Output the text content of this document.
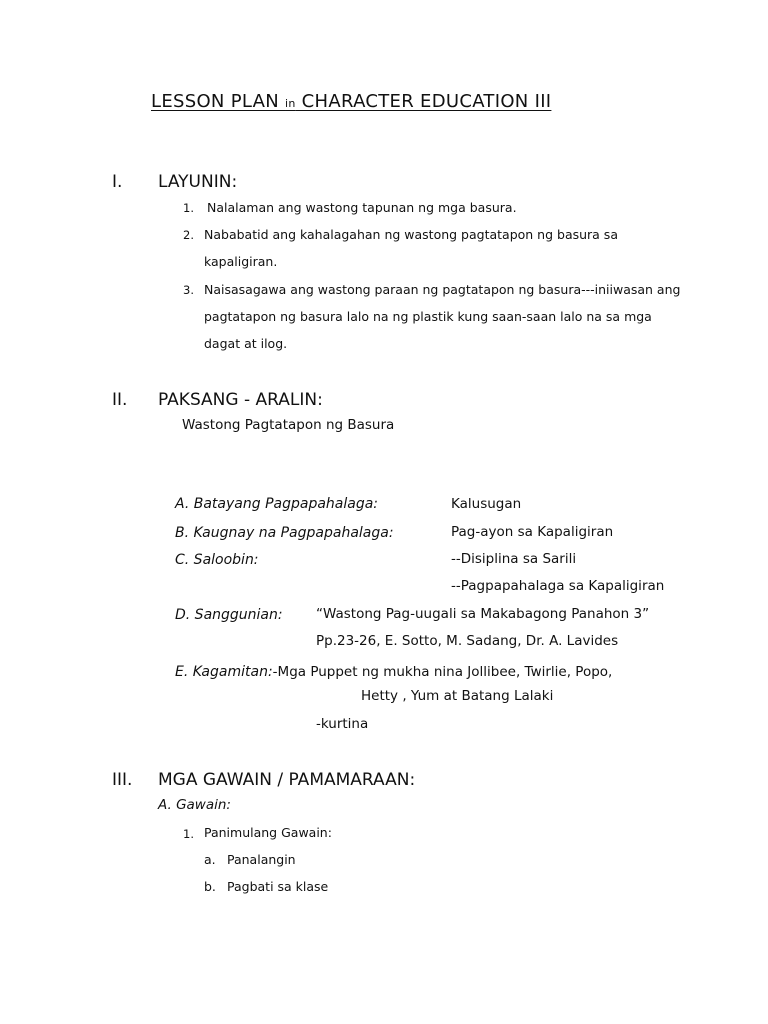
LESSON PLAN in CHARACTER EDUCATION III
I. LAYUNIN:
1. Nalalaman ang wastong tapunan ng mga basura.
2. Nababatid ang kahalagahan ng wastong pagtatapon ng basura sa
kapaligiran.
3. Naisasagawa ang wastong paraan ng pagtatapon ng basura---iniiwasan ang
pagtatapon ng basura lalo na ng plastik kung saan-saan lalo na sa mga
dagat at ilog.
II. PAKSANG - ARALIN:
Wastong Pagtatapon ng Basura
A. Batayang Pagpapahalaga:	Kalusugan
B. Kaugnay na Pagpapahalaga:	Pag-ayon sa Kapaligiran
C. Saloobin:	--Disiplina sa Sarili
--Pagpapahalaga sa Kapaligiran
D. Sanggunian: “Wastong Pag-uugali sa Makabagong Panahon 3”
Pp.23-26, E. Sotto, M. Sadang, Dr. A. Lavides
E. Kagamitan:-Mga Puppet ng mukha nina Jollibee, Twirlie, Popo,
Hetty , Yum at Batang Lalaki
-kurtina
III. MGA GAWAIN / PAMAMARAAN:
A. Gawain:
1. Panimulang Gawain:
a. Panalangin
b. Pagbati sa klase
